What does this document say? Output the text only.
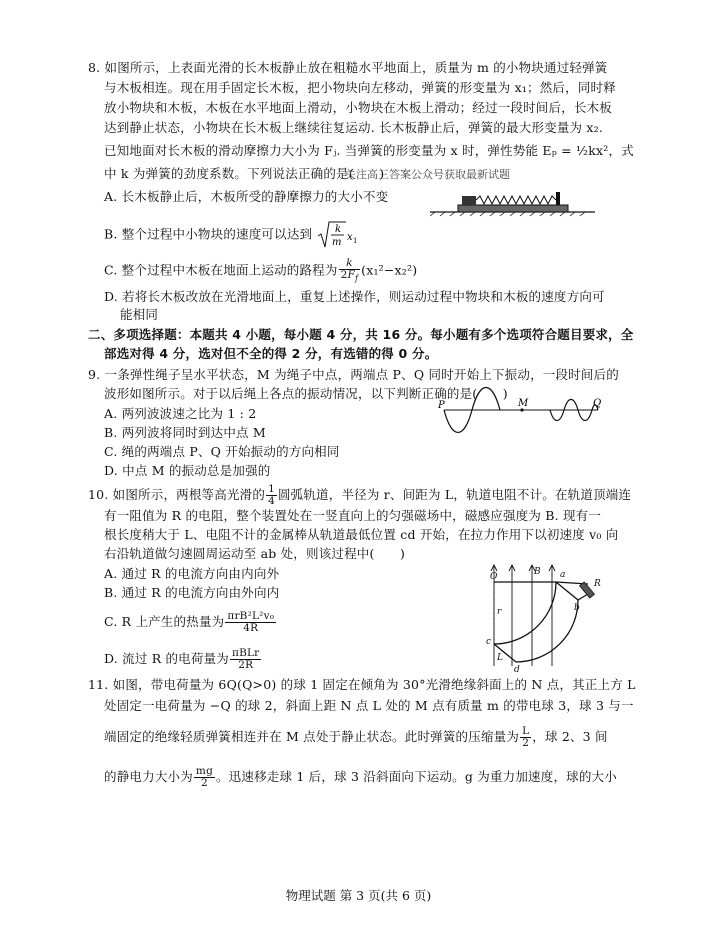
8. 如图所示，上表面光滑的长木板静止放在粗糙水平地面上，质量为 m 的小物块通过轻弹簧
与木板相连。现在用手固定长木板，把小物块向左移动，弹簧的形变量为 x₁；然后，同时释
放小物块和木板，木板在水平地面上滑动，小物块在木板上滑动；经过一段时间后，长木板
达到静止状态，小物块在长木板上继续往复运动. 长木板静止后，弹簧的最大形变量为 x₂.
已知地面对长木板的滑动摩擦力大小为 Fⱼ. 当弹簧的形变量为 x 时，弹性势能 Eₚ = ½kx²，式
中 k 为弹簧的劲度系数。下列说法正确的是(　　)
关注高三答案公众号获取最新试题
A. 长木板静止后，木板所受的静摩擦力的大小不变
B. 整个过程中小物块的速度可以达到 k
m x 1
C. 整个过程中木板在地面上运动的路程为 $\frac{k}{2F_f} (x_1^2-x_2^2)$
D. 若将长木板改放在光滑地面上，重复上述操作，则运动过程中物块和木板的速度方向可
能相同
二、多项选择题：本题共 4 小题，每小题 4 分，共 16 分。每小题有多个选项符合题目要求，全
部选对得 4 分，选对但不全的得 2 分，有选错的得 0 分。
9. 一条弹性绳子呈水平状态，M 为绳子中点，两端点 P、Q 同时开始上下振动，一段时间后的
波形如图所示。对于以后绳上各点的振动情况，以下判断正确的是(　　)
A. 两列波波速之比为 1 : 2
B. 两列波将同时到达中点 M
C. 绳的两端点 P、Q 开始振动的方向相同
D. 中点 M 的振动总是加强的
P	M	Q
10. 如图所示，两根等高光滑的 $\frac{1}{4}$ 圆弧轨道，半径为 r、间距为 L，轨道电阻不计。在轨道顶端连
有一阻值为 R 的电阻，整个装置处在一竖直向上的匀强磁场中，磁感应强度为 B. 现有一
根长度稍大于 L、电阻不计的金属棒从轨道最低位置 cd 开始，在拉力作用下以初速度 v₀ 向
右沿轨道做匀速圆周运动至 ab 处，则该过程中(　　)
A. 通过 R 的电流方向由内向外
B. 通过 R 的电流方向由外向内
C. R 上产生的热量为 $\frac{\text{πrB²L²v₀}}{4R}$
D. 流过 R 的电荷量为 $\frac{\text{πBLr}}{2R}$
O	B a
R
r	b
c
L
d
11. 如图，带电荷量为 6Q(Q>0) 的球 1 固定在倾角为 30°光滑绝缘斜面上的 N 点，其正上方 L
处固定一电荷量为 −Q 的球 2，斜面上距 N 点 L 处的 M 点有质量 m 的带电球 3，球 3 与一
端固定的绝缘轻质弹簧相连并在 M 点处于静止状态。此时弹簧的压缩量为 $\frac{L}{2}$ ，球 2、3 间
的静电力大小为 $\frac{mg}{2}$ 。迅速移走球 1 后，球 3 沿斜面向下运动。g 为重力加速度，球的大小
物理试题 第 3 页(共 6 页)
